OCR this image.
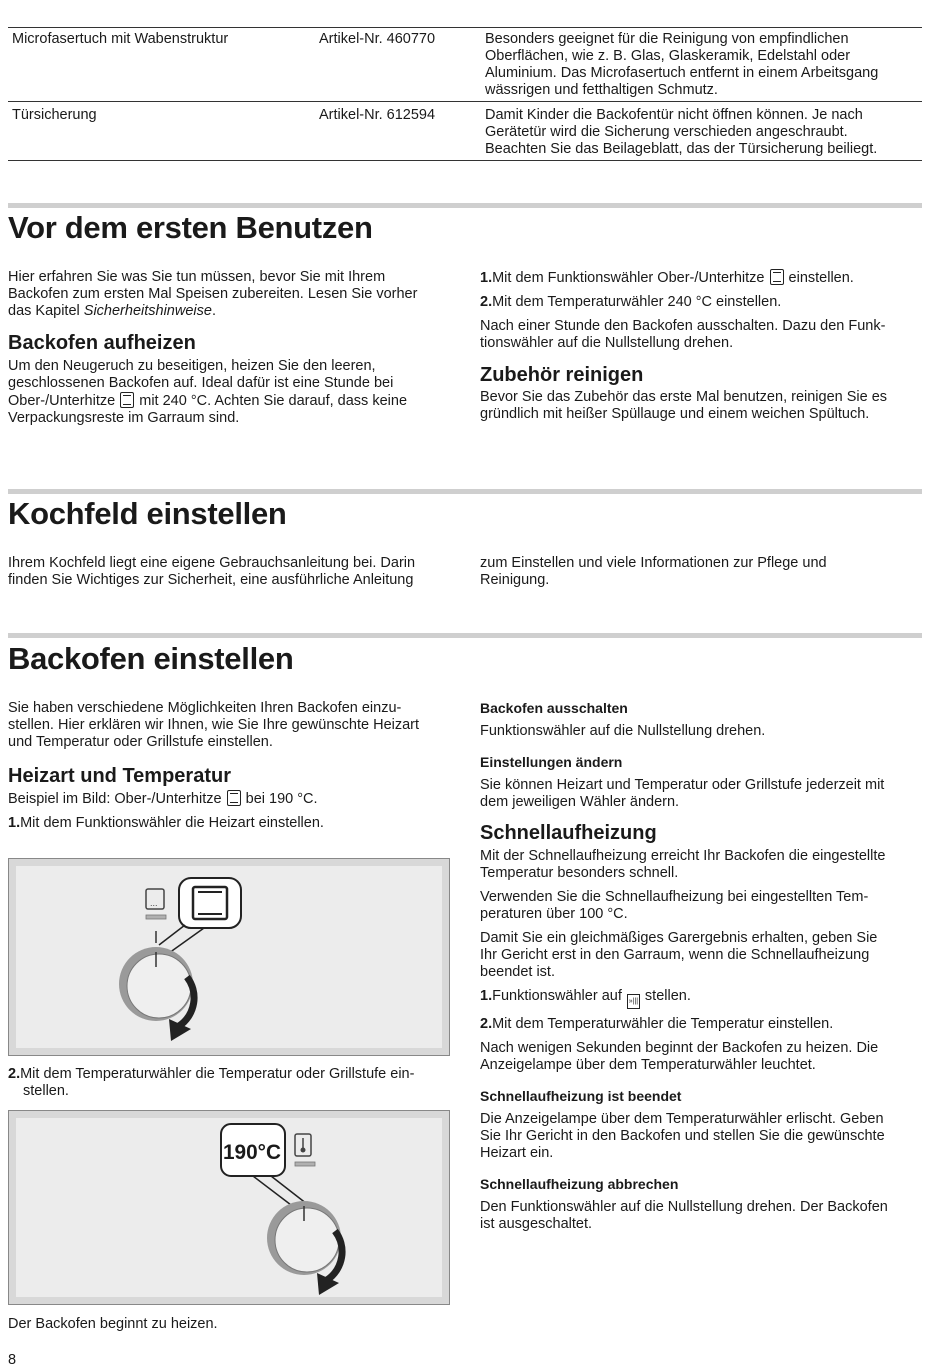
Microfasertuch mit Wabenstruktur	Artikel-Nr. 460770	Besonders geeignet für die Reinigung von empfindlichen
Oberflächen, wie z. B. Glas, Glaskeramik, Edelstahl oder
Aluminium. Das Microfasertuch entfernt in einem Arbeitsgang
wässrigen und fetthaltigen Schmutz.
Türsicherung	Artikel-Nr. 612594	Damit Kinder die Backofentür nicht öffnen können. Je nach
Gerätetür wird die Sicherung verschieden angeschraubt.
Beachten Sie das Beilageblatt, das der Türsicherung beiliegt.
Vor dem ersten Benutzen
Hier erfahren Sie was Sie tun müssen, bevor Sie mit Ihrem
Backofen zum ersten Mal Speisen zubereiten. Lesen Sie vorher
das Kapitel Sicherheitshinweise.
Backofen aufheizen
Um den Neugeruch zu beseitigen, heizen Sie den leeren,
geschlossenen Backofen auf. Ideal dafür ist eine Stunde bei
Ober-/Unterhitze mit 240 °C. Achten Sie darauf, dass keine
Verpackungsreste im Garraum sind.
1.Mit dem Funktionswähler Ober-/Unterhitze einstellen.
2.Mit dem Temperaturwähler 240 °C einstellen.
Nach einer Stunde den Backofen ausschalten. Dazu den Funk-
tionswähler auf die Nullstellung drehen.
Zubehör reinigen
Bevor Sie das Zubehör das erste Mal benutzen, reinigen Sie es
gründlich mit heißer Spüllauge und einem weichen Spültuch.
Kochfeld einstellen
Ihrem Kochfeld liegt eine eigene Gebrauchsanleitung bei. Darin
finden Sie Wichtiges zur Sicherheit, eine ausführliche Anleitung
zum Einstellen und viele Informationen zur Pflege und
Reinigung.
Backofen einstellen
Sie haben verschiedene Möglichkeiten Ihren Backofen einzu-
stellen. Hier erklären wir Ihnen, wie Sie Ihre gewünschte Heizart
und Temperatur oder Grillstufe einstellen.
Heizart und Temperatur
Beispiel im Bild: Ober-/Unterhitze bei 190 °C.
1.Mit dem Funktionswähler die Heizart einstellen.
...
2.Mit dem Temperaturwähler die Temperatur oder Grillstufe ein-
stellen.
190°C
Der Backofen beginnt zu heizen.
Backofen ausschalten
Funktionswähler auf die Nullstellung drehen.
Einstellungen ändern
Sie können Heizart und Temperatur oder Grillstufe jederzeit mit
dem jeweiligen Wähler ändern.
Schnellaufheizung
Mit der Schnellaufheizung erreicht Ihr Backofen die eingestellte
Temperatur besonders schnell.
Verwenden Sie die Schnellaufheizung bei eingestellten Tem-
peraturen über 100 °C.
Damit Sie ein gleichmäßiges Garergebnis erhalten, geben Sie
Ihr Gericht erst in den Garraum, wenn die Schnellaufheizung
beendet ist.
1.Funktionswähler auf »||| stellen.
2.Mit dem Temperaturwähler die Temperatur einstellen.
Nach wenigen Sekunden beginnt der Backofen zu heizen. Die
Anzeigelampe über dem Temperaturwähler leuchtet.
Schnellaufheizung ist beendet
Die Anzeigelampe über dem Temperaturwähler erlischt. Geben
Sie Ihr Gericht in den Backofen und stellen Sie die gewünschte
Heizart ein.
Schnellaufheizung abbrechen
Den Funktionswähler auf die Nullstellung drehen. Der Backofen
ist ausgeschaltet.
8
